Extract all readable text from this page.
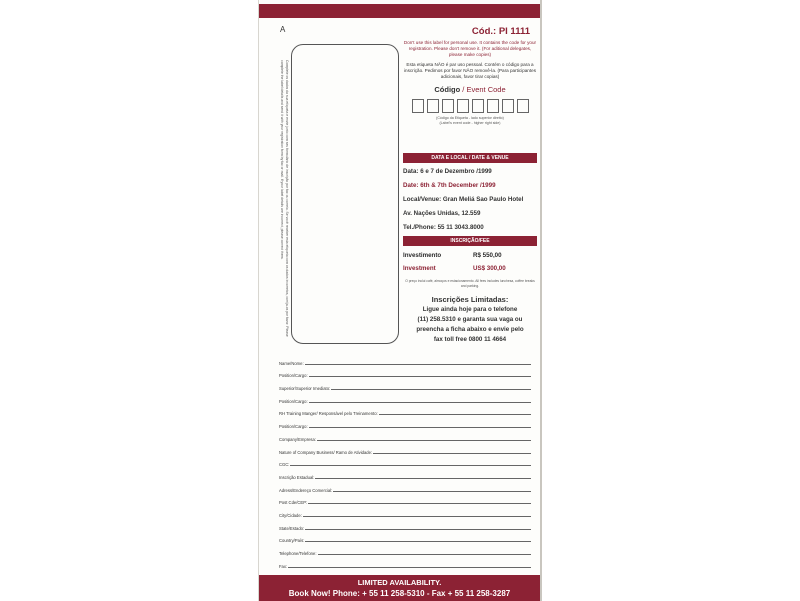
A	Cód.: PI 1111
Complete os dados da sua etiqueta e envie junto com seu formulário de inscrição por fax ou correio. Se você receber esta etiqueta com os dados incorretos, corrija-os por favor. Please complete the label details and send it with your registration form by fax or mail. If your label details are incorrect, please correct them.
Don't use this label for personal use. It contains the code for your registration. Please don't remove it. (For aditional delegates, please make copies)
Esta etiqueta NÃO é par uso pessoal. Contém o código para a inscrição. Pedimos por favor NÃO removê-la. (Para participantes adicionais, favor tirar copias)
Código / Event Code
(Código da Etiqueta - lado superior direito)
(Label's event code - higher right side)
DATA E LOCAL / DATE & VENUE
Data: 6 e 7 de Dezembro /1999
Date: 6th & 7th December /1999
Local/Venue: Gran Meliá Sao Paulo Hotel
Av. Nações Unidas, 12.559
Tel./Phone: 55 11 3043.8000
INSCRIÇÃO/FEE
Investimento	R$ 550,00
Investment	US$ 300,00
O preço inclui café, almoços e estacionamento. All fees includes lunchesa, coffee breaks and parking.
Inscrições Limitadas:
Ligue ainda hoje para o telefone
(11) 258.5310 e garanta sua vaga ou
preencha a ficha abaixo e envie pelo
fax toll free 0800 11 4664
Name/Nome:
Position/Cargo:
Superior/Superior Imediato:
Position/Cargo:
RH Training Manger/ Responsável pelo Treinamento:
Position/Cargo:
Company/Empresa:
Nature of Company Business/ Ramo de Atividade:
CGC:
Inscrição Estadual:
Adress/Endereço Comercial:
Post Cde/CEP:
City/Cidade:
State/Estado:
Country/País:
Telephone/Telefone:
Fax:
LIMITED AVAILABILITY.
Book Now! Phone: + 55 11 258-5310 - Fax + 55 11 258-3287
